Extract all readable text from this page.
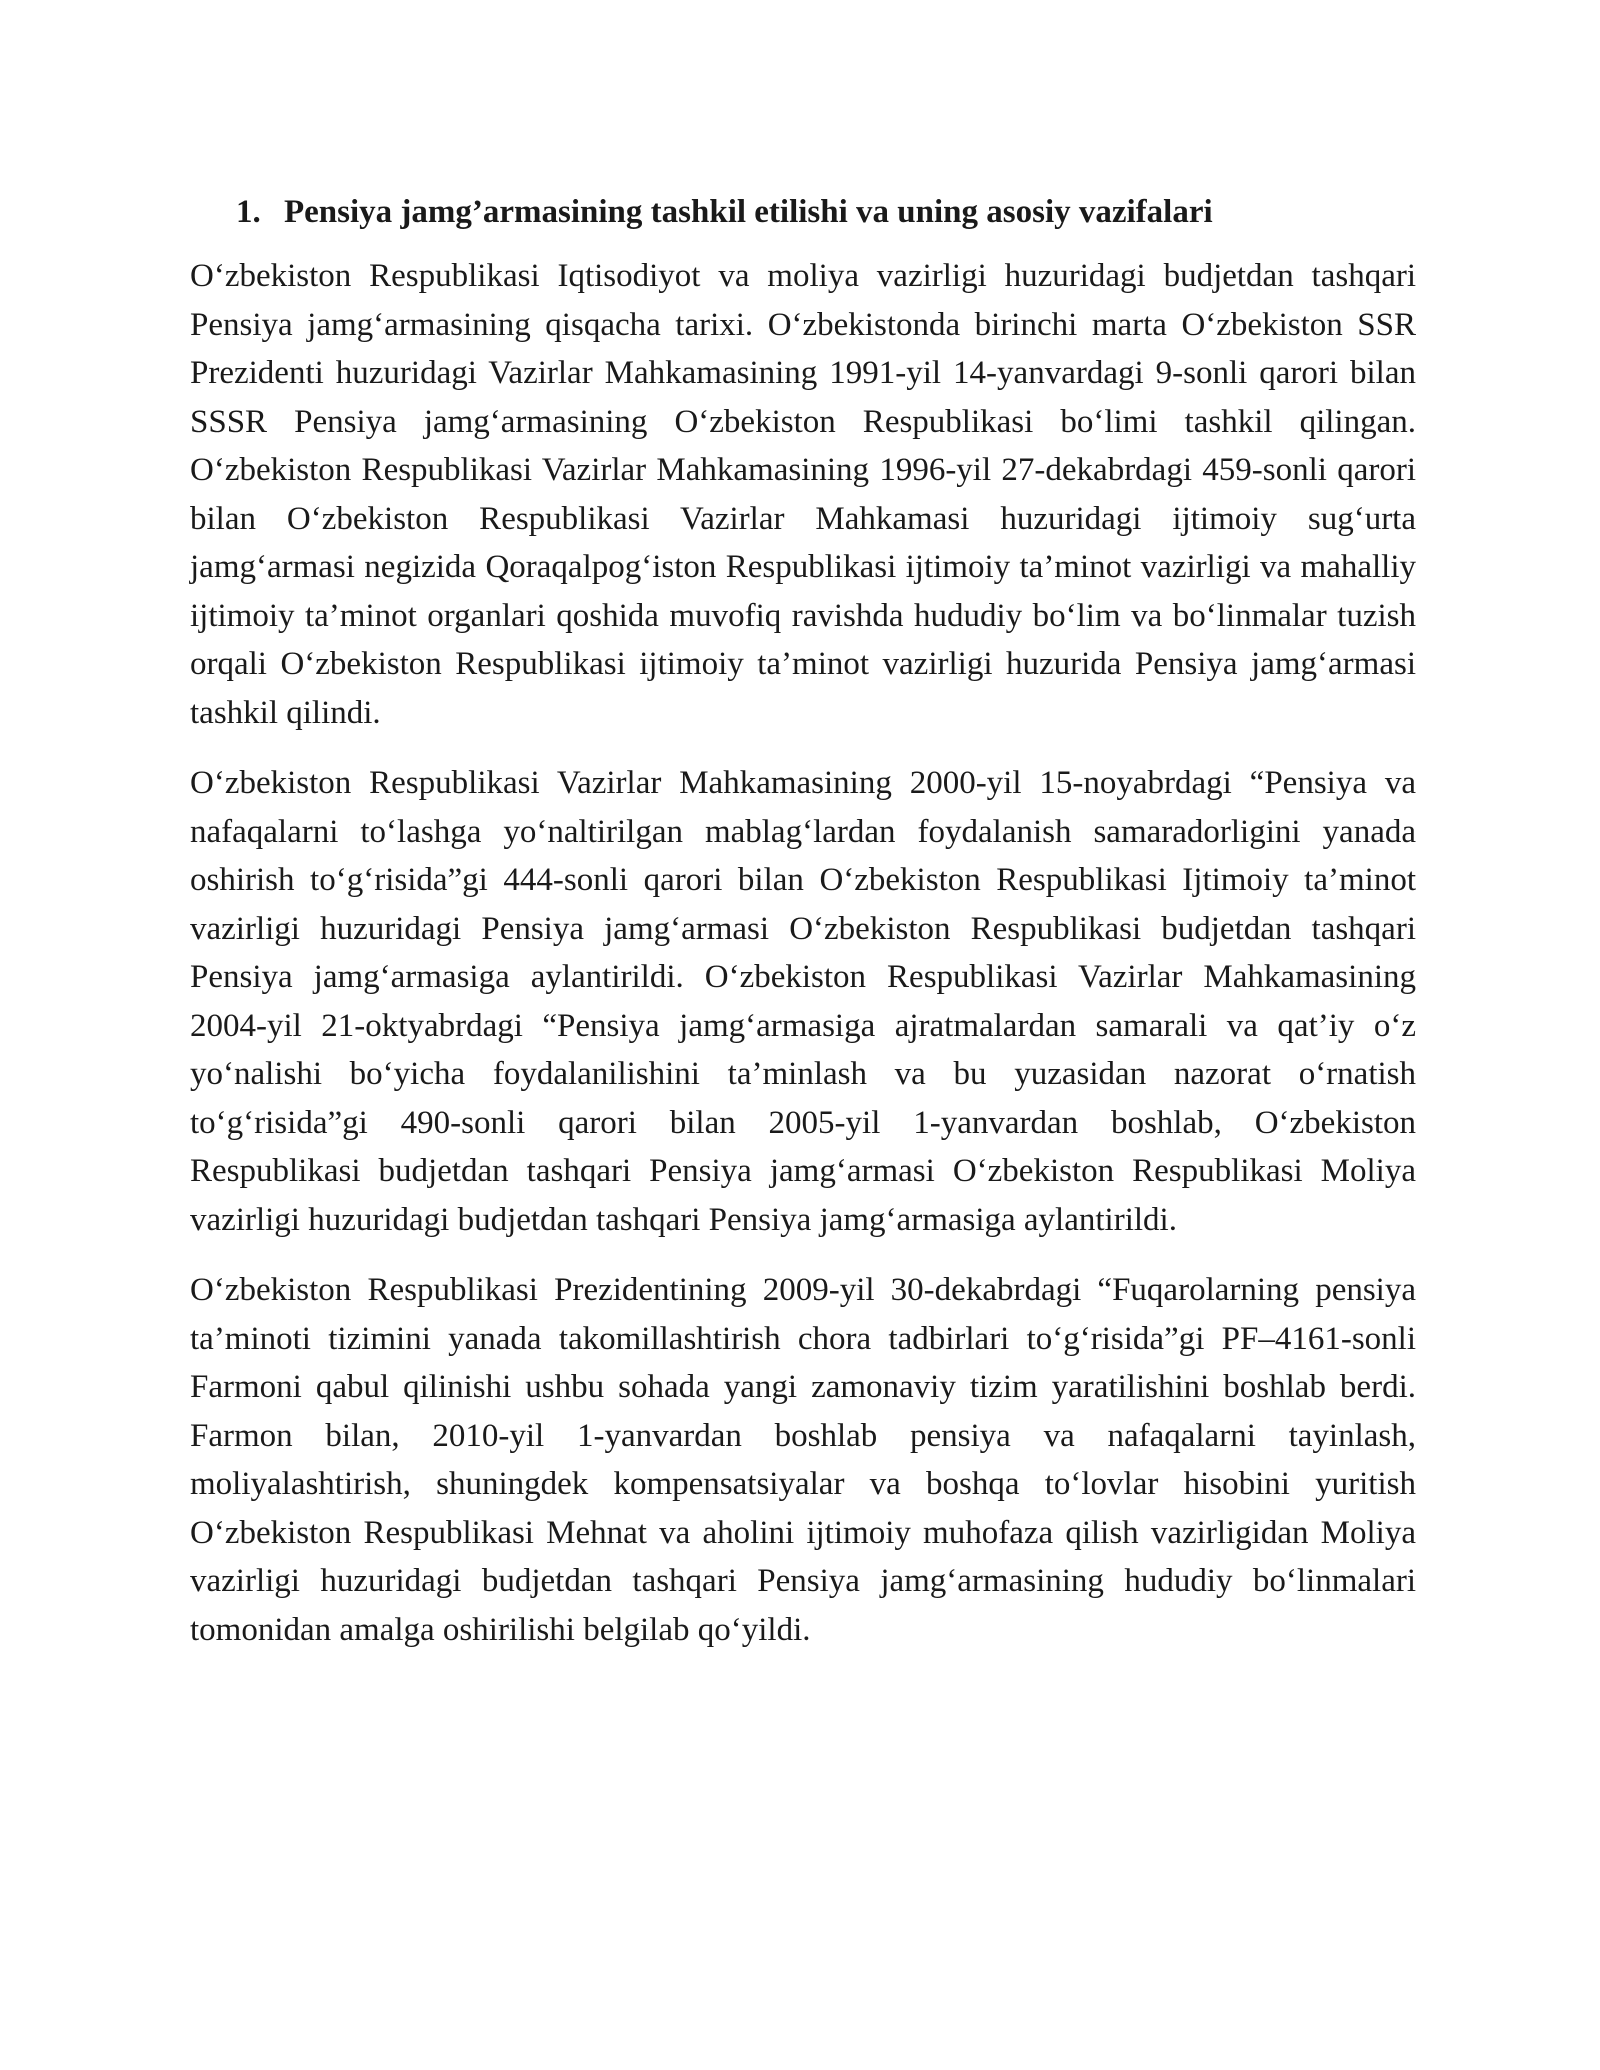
1. Pensiya jamg’armasining tashkil etilishi va uning asosiy vazifalari

O‘zbekiston Respublikasi Iqtisodiyot va moliya vazirligi huzuridagi budjetdan tashqari Pensiya jamg‘armasining qisqacha tarixi. O‘zbekistonda birinchi marta O‘zbekiston SSR Prezidenti huzuridagi Vazirlar Mahkamasining 1991-yil 14-yanvardagi 9-sonli qarori bilan SSSR Pensiya jamg‘armasining O‘zbekiston Respublikasi bo‘limi tashkil qilingan. O‘zbekiston Respublikasi Vazirlar Mahkamasining 1996-yil 27-dekabrdagi 459-sonli qarori bilan O‘zbekiston Respublikasi Vazirlar Mahkamasi huzuridagi ijtimoiy sug‘urta jamg‘armasi negizida Qoraqalpog‘iston Respublikasi ijtimoiy ta’minot vazirligi va mahalliy ijtimoiy ta’minot organlari qoshida muvofiq ravishda hududiy bo‘lim va bo‘linmalar tuzish orqali O‘zbekiston Respublikasi ijtimoiy ta’minot vazirligi huzurida Pensiya jamg‘armasi tashkil qilindi.

O‘zbekiston Respublikasi Vazirlar Mahkamasining 2000-yil 15-noyabrdagi “Pensiya va nafaqalarni to‘lashga yo‘naltirilgan mablag‘lardan foydalanish samaradorligini yanada oshirish to‘g‘risida”gi 444-sonli qarori bilan O‘zbekiston Respublikasi Ijtimoiy ta’minot vazirligi huzuridagi Pensiya jamg‘armasi O‘zbekiston Respublikasi budjetdan tashqari Pensiya jamg‘armasiga aylantirildi. O‘zbekiston Respublikasi Vazirlar Mahkamasining 2004-yil 21-oktyabrdagi “Pensiya jamg‘armasiga ajratmalardan samarali va qat’iy o‘z yo‘nalishi bo‘yicha foydalanilishini ta’minlash va bu yuzasidan nazorat o‘rnatish to‘g‘risida”gi 490-sonli qarori bilan 2005-yil 1-yanvardan boshlab, O‘zbekiston Respublikasi budjetdan tashqari Pensiya jamg‘armasi O‘zbekiston Respublikasi Moliya vazirligi huzuridagi budjetdan tashqari Pensiya jamg‘armasiga aylantirildi.

O‘zbekiston Respublikasi Prezidentining 2009-yil 30-dekabrdagi “Fuqarolarning pensiya ta’minoti tizimini yanada takomillashtirish chora tadbirlari to‘g‘risida”gi PF–4161-sonli Farmoni qabul qilinishi ushbu sohada yangi zamonaviy tizim yaratilishini boshlab berdi. Farmon bilan, 2010-yil 1-yanvardan boshlab pensiya va nafaqalarni tayinlash, moliyalashtirish, shuningdek kompensatsiyalar va boshqa to‘lovlar hisobini yuritish O‘zbekiston Respublikasi Mehnat va aholini ijtimoiy muhofaza qilish vazirligidan Moliya vazirligi huzuridagi budjetdan tashqari Pensiya jamg‘armasining hududiy bo‘linmalari tomonidan amalga oshirilishi belgilab qo‘yildi.
